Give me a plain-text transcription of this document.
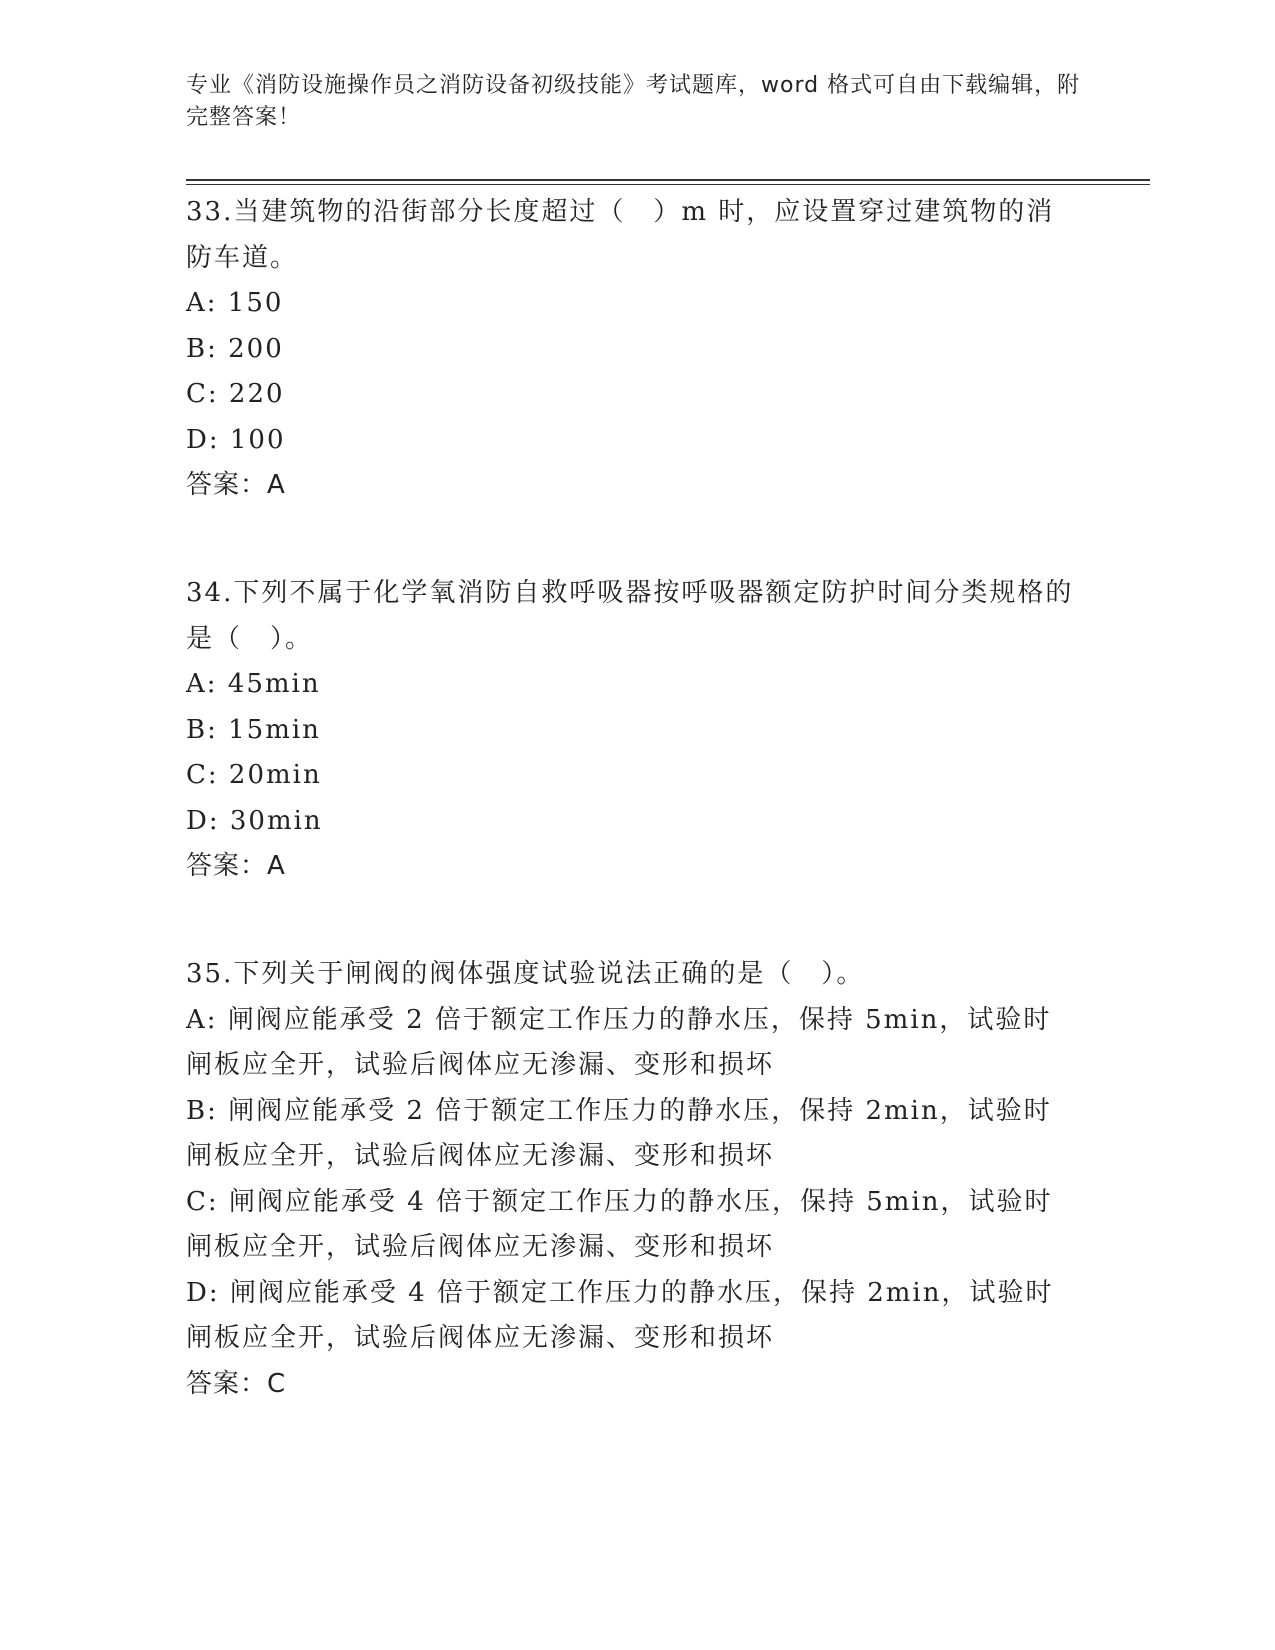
专业《消防设施操作员之消防设备初级技能》考试题库，word 格式可自由下载编辑，附完整答案！

33.当建筑物的沿街部分长度超过（　）m 时，应设置穿过建筑物的消防车道。

A: 150

B: 200

C: 220

D: 100

答案：A

34.下列不属于化学氧消防自救呼吸器按呼吸器额定防护时间分类规格的是（　）。

A: 45min

B: 15min

C: 20min

D: 30min

答案：A

35.下列关于闸阀的阀体强度试验说法正确的是（　）。

A: 闸阀应能承受 2 倍于额定工作压力的静水压，保持 5min，试验时闸板应全开，试验后阀体应无渗漏、变形和损坏

B: 闸阀应能承受 2 倍于额定工作压力的静水压，保持 2min，试验时闸板应全开，试验后阀体应无渗漏、变形和损坏

C: 闸阀应能承受 4 倍于额定工作压力的静水压，保持 5min，试验时闸板应全开，试验后阀体应无渗漏、变形和损坏

D: 闸阀应能承受 4 倍于额定工作压力的静水压，保持 2min，试验时闸板应全开，试验后阀体应无渗漏、变形和损坏

答案：C
